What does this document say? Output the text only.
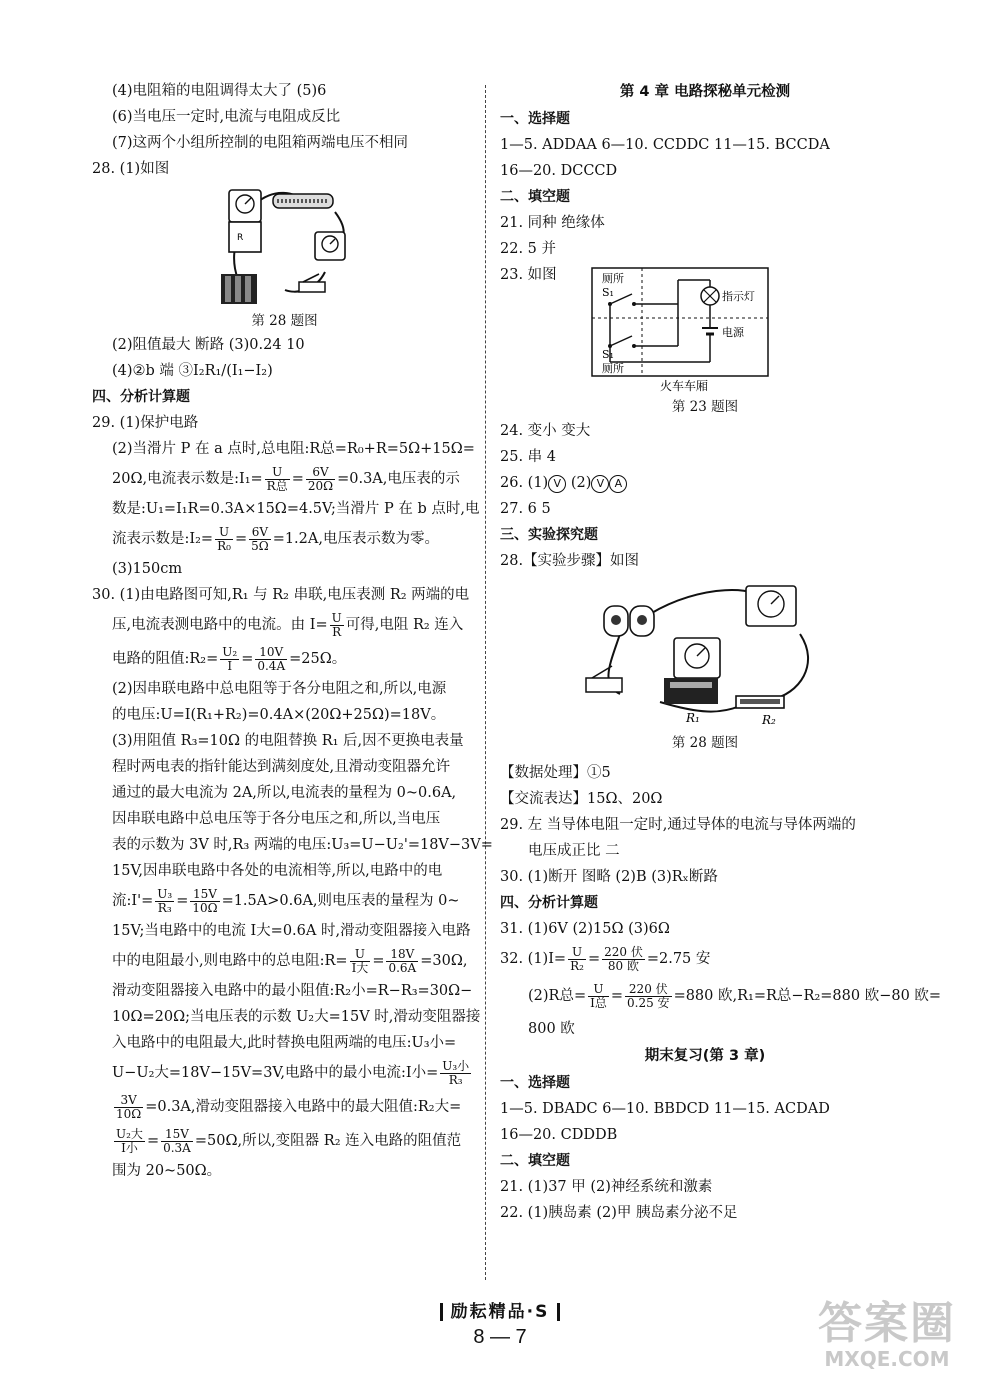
(4)电阻箱的电阻调得太大了 (5)6
(6)当电压一定时,电流与电阻成反比
(7)这两个小组所控制的电阻箱两端电压不相同
28. (1)如图
R
第 28 题图
(2)阻值最大 断路 (3)0.24 10
(4)②b 端 ③I₂R₁/(I₁−I₂)
四、分析计算题
29. (1)保护电路
(2)当滑片 P 在 a 点时,总电阻:R总=R₀+R=5Ω+15Ω=
20Ω,电流表示数是:I₁= $\frac{U}{\text{R总}} = \frac{6V}{20\Omega} =0.3A$,电压表的示
数是:U₁=I₁R=0.3A×15Ω=4.5V;当滑片 P 在 b 点时,电
流表示数是:I₂= $\frac{U}{\text{R₀}} = \frac{6V}{5\Omega} =1.2A$,电压表示数为零。
(3)150cm
30. (1)由电路图可知,R₁ 与 R₂ 串联,电压表测 R₂ 两端的电
压,电流表测电路中的电流。由 $I= \frac{U}{R}$ 可得,电阻 R₂ 连入
电路的阻值:R₂= $\frac{\text{U₂}}{I} = \frac{10V}{0.4A} =25\Omega$。
(2)因串联电路中总电阻等于各分电阻之和,所以,电源
的电压:U=I(R₁+R₂)=0.4A×(20Ω+25Ω)=18V。
(3)用阻值 R₃=10Ω 的电阻替换 R₁ 后,因不更换电表量
程时两电表的指针能达到满刻度处,且滑动变阻器允许
通过的最大电流为 2A,所以,电流表的量程为 0~0.6A,
因串联电路中总电压等于各分电压之和,所以,当电压
表的示数为 3V 时,R₃ 两端的电压:U₃=U−U₂'=18V−3V=
15V,因串联电路中各处的电流相等,所以,电路中的电
流:I'= $\frac{\text{U₃}}{\text{R₃}} = \frac{15V}{10\Omega} =1.5A>0.6A$,则电压表的量程为 0~
15V;当电路中的电流 I大=0.6A 时,滑动变阻器接入电路
中的电阻最小,则电路中的总电阻:R= $\frac{U}{\text{I大}} = \frac{18V}{0.6A} =30\Omega$,
滑动变阻器接入电路中的最小阻值:R₂小=R−R₃=30Ω−
10Ω=20Ω;当电压表的示数 U₂大=15V 时,滑动变阻器接
入电路中的电阻最大,此时替换电阻两端的电压:U₃小=
U−U₂大=18V−15V=3V,电路中的最小电流:I小= $\frac{\text{U₃小}}{\text{R₃}}$
$\frac{3V}{10\Omega} =0.3A$,滑动变阻器接入电路中的最大阻值:R₂大=
$\frac{\text{U₂大}}{\text{I小}} = \frac{15V}{0.3A} =50\Omega$,所以,变阻器 R₂ 连入电路的阻值范
围为 20~50Ω。
第 4 章 电路探秘单元检测
一、选择题
1—5. ADDAA 6—10. CCDDC 11—15. BCCDA
16—20. DCCCD
二、填空题
21. 同种 绝缘体
22. 5 并
23. 如图	厕所
S₁	指示灯
电源
S₁
厕所
火车车厢
第 23 题图
24. 变小 变大
25. 串 4
26. (1) V (2) V A
27. 6 5
三、实验探究题
28.【实验步骤】如图
R₁	R₂
第 28 题图
【数据处理】①5
【交流表达】15Ω、20Ω
29. 左 当导体电阻一定时,通过导体的电流与导体两端的
电压成正比 二
30. (1)断开 图略 (2)B (3)Rₓ断路
四、分析计算题
31. (1)6V (2)15Ω (3)6Ω
32. $(1)I= \frac{U}{\text{R₂}} = \frac{\text{220 伏}}{\text{80 欧}} =2.75$ 安
(2)R总= $\frac{U}{\text{I总}} = \frac{\text{220 伏}}{\text{0.25 安}} =880$ 欧,R₁=R总−R₂=880 欧−80 欧=
800 欧
期末复习(第 3 章)
一、选择题
1—5. DBADC 6—10. BBDCD 11—15. ACDAD
16—20. CDDDB
二、填空题
21. (1)37 甲 (2)神经系统和激素
22. (1)胰岛素 (2)甲 胰岛素分泌不足
励耘精品·S
8 — 7	答案圈
MXQE.COM
